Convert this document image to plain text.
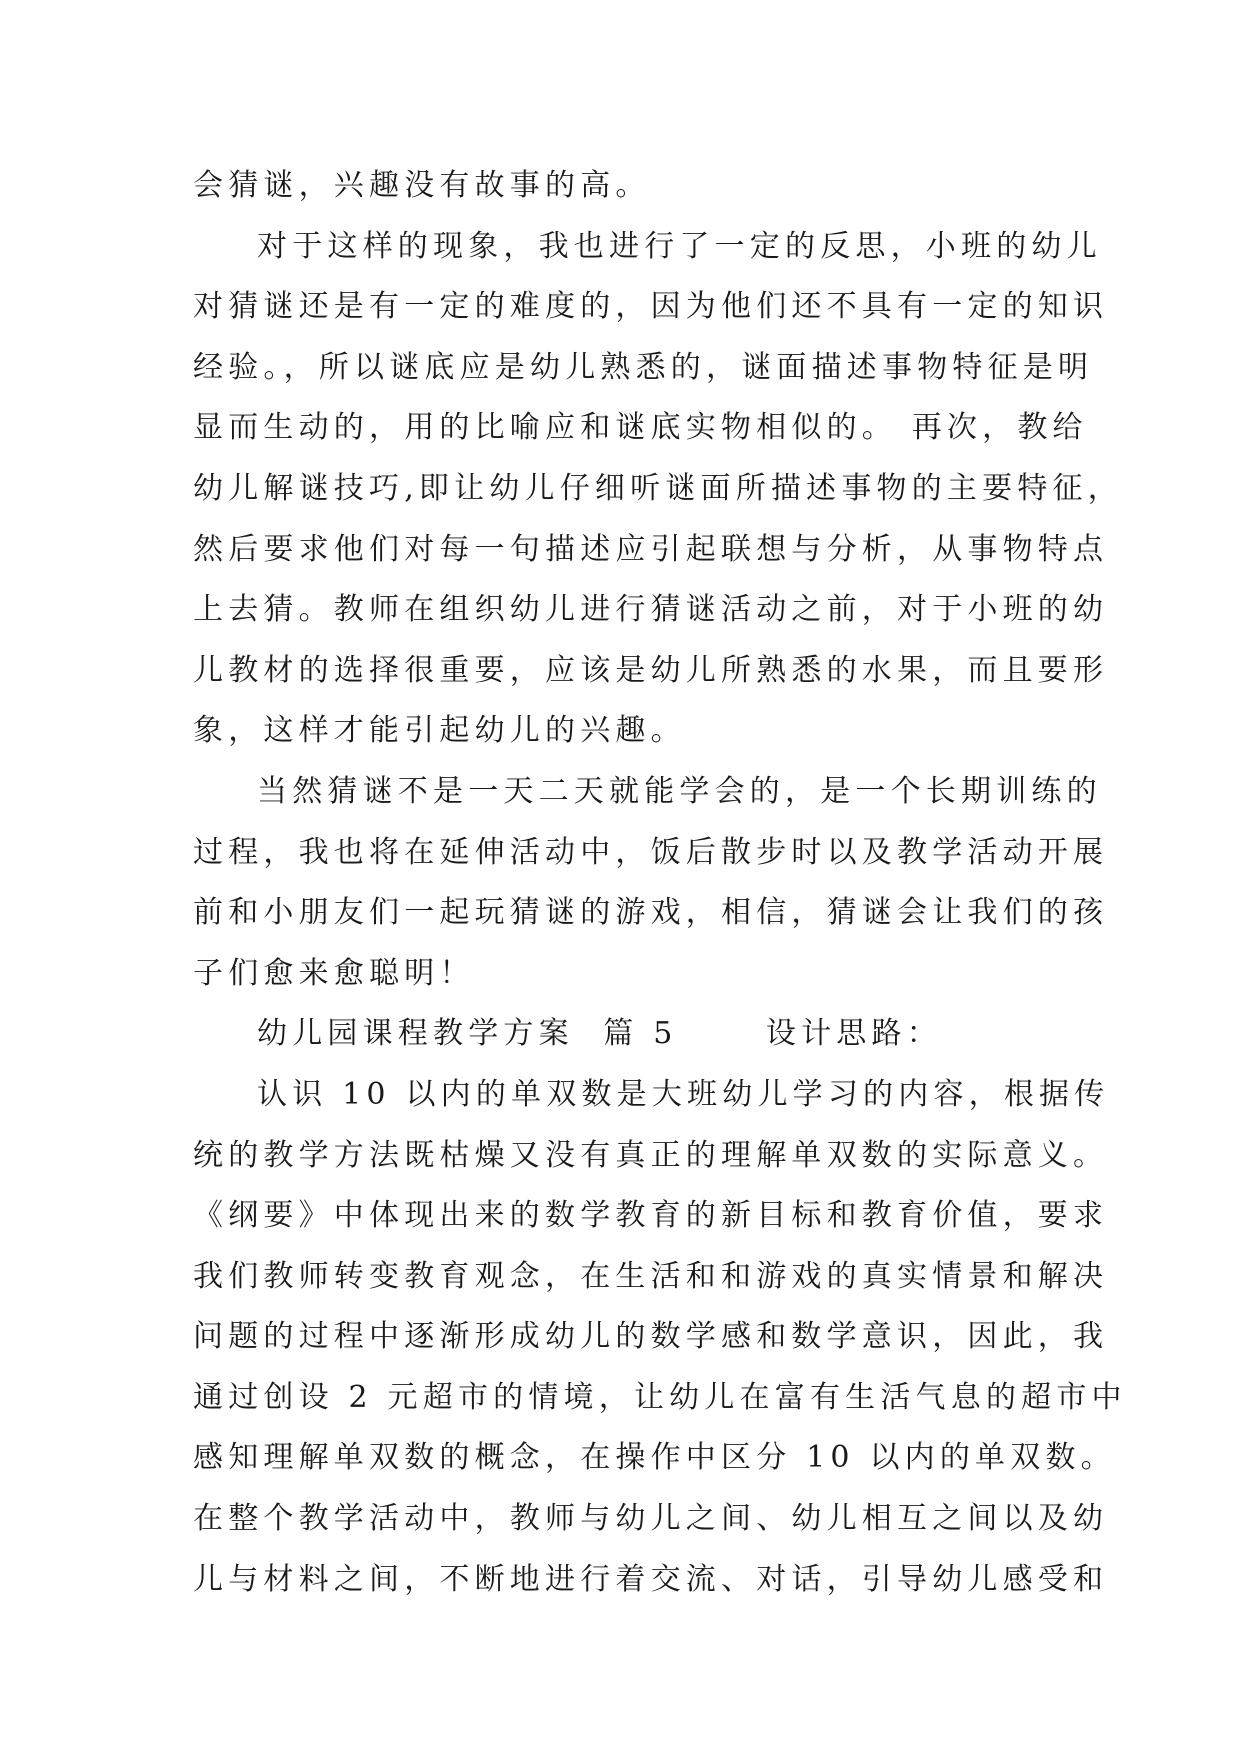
会猜谜，兴趣没有故事的高。
对于这样的现象，我也进行了一定的反思，小班的幼儿
对猜谜还是有一定的难度的，因为他们还不具有一定的知识
经验。，所以谜底应是幼儿熟悉的，谜面描述事物特征是明
显而生动的，用的比喻应和谜底实物相似的。 再次，教给
幼儿解谜技巧,即让幼儿仔细听谜面所描述事物的主要特征，
然后要求他们对每一句描述应引起联想与分析，从事物特点
上去猜。教师在组织幼儿进行猜谜活动之前，对于小班的幼
儿教材的选择很重要，应该是幼儿所熟悉的水果，而且要形
象，这样才能引起幼儿的兴趣。
当然猜谜不是一天二天就能学会的，是一个长期训练的
过程，我也将在延伸活动中，饭后散步时以及教学活动开展
前和小朋友们一起玩猜谜的游戏，相信，猜谜会让我们的孩
子们愈来愈聪明！
幼儿园课程教学方案  篇 5      设计思路：
认识 10 以内的单双数是大班幼儿学习的内容，根据传
统的教学方法既枯燥又没有真正的理解单双数的实际意义。
《纲要》中体现出来的数学教育的新目标和教育价值，要求
我们教师转变教育观念，在生活和和游戏的真实情景和解决
问题的过程中逐渐形成幼儿的数学感和数学意识，因此，我
通过创设 2 元超市的情境，让幼儿在富有生活气息的超市中
感知理解单双数的概念，在操作中区分 10 以内的单双数。
在整个教学活动中，教师与幼儿之间、幼儿相互之间以及幼
儿与材料之间，不断地进行着交流、对话，引导幼儿感受和
